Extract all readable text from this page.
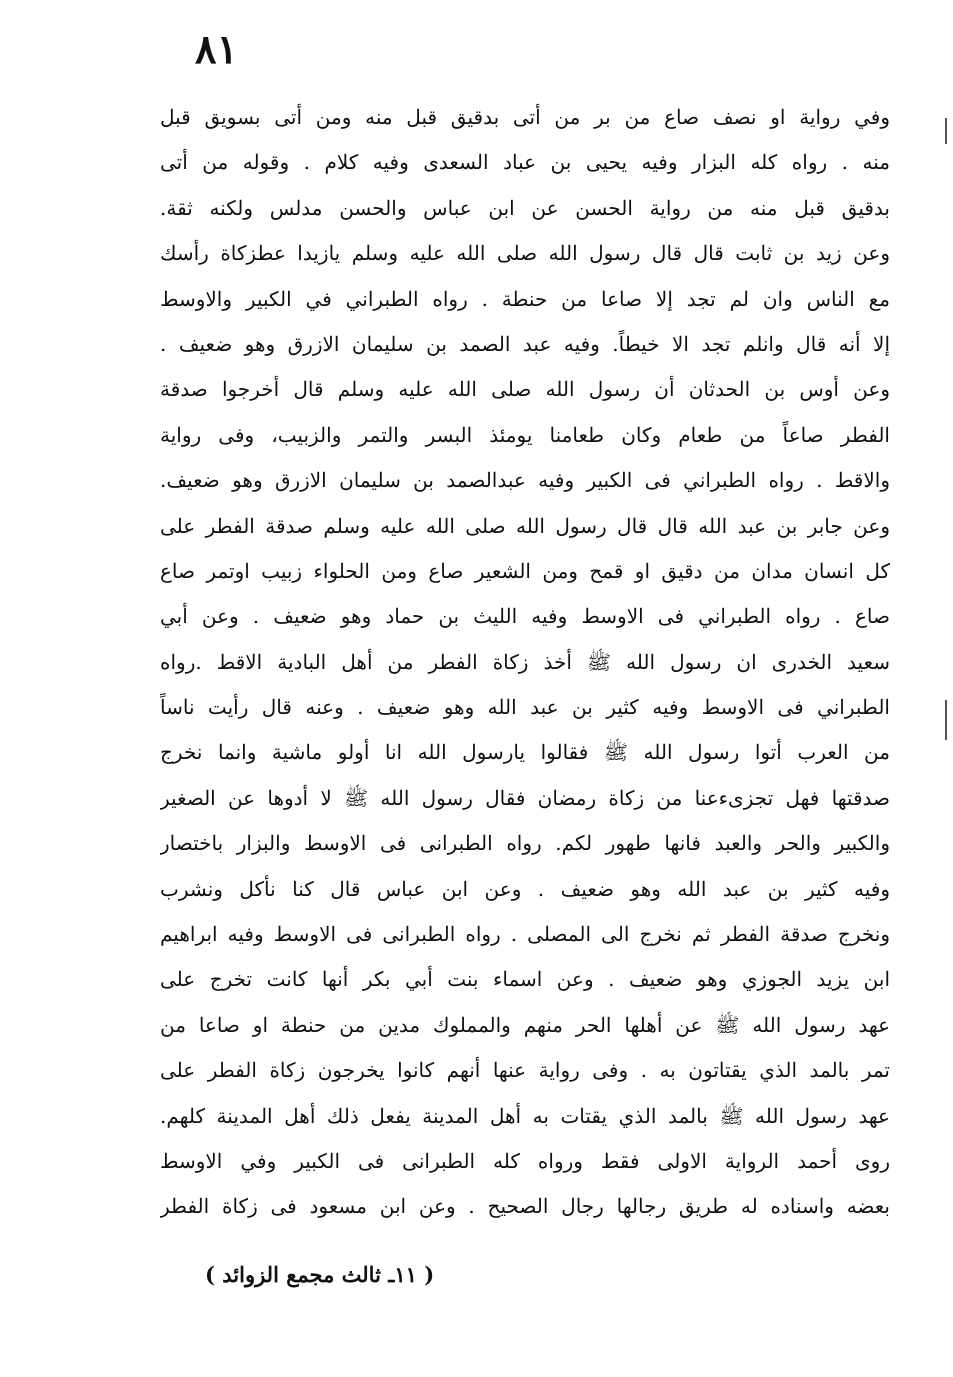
٨١
وفي رواية او نصف صاع من بر من أتى بدقيق قبل منه ومن أتى بسويق قبل
منه . رواه كله البزار وفيه يحيى بن عباد السعدى وفيه كلام . وقوله من أتى
بدقيق قبل منه من رواية الحسن عن ابن عباس والحسن مدلس ولكنه ثقة.
وعن زيد بن ثابت قال قال رسول الله صلى الله عليه وسلم يازيدا عطزكاة رأسك
مع الناس وان لم تجد إلا صاعا من حنطة . رواه الطبراني في الكبير والاوسط
إلا أنه قال وانلم تجد الا خيطاً. وفيه عبد الصمد بن سليمان الازرق وهو ضعيف .
وعن أوس بن الحدثان أن رسول الله صلى الله عليه وسلم قال أخرجوا صدقة
الفطر صاعاً من طعام وكان طعامنا يومئذ البسر والتمر والزبيب، وفى رواية
والاقط . رواه الطبراني فى الكبير وفيه عبدالصمد بن سليمان الازرق وهو ضعيف.
وعن جابر بن عبد الله قال قال رسول الله صلى الله عليه وسلم صدقة الفطر على
كل انسان مدان من دقيق او قمح ومن الشعير صاع ومن الحلواء زبيب اوتمر صاع
صاع . رواه الطبراني فى الاوسط وفيه الليث بن حماد وهو ضعيف . وعن أبي
سعيد الخدرى ان رسول الله ﷺ أخذ زكاة الفطر من أهل البادية الاقط .رواه
الطبراني فى الاوسط وفيه كثير بن عبد الله وهو ضعيف . وعنه قال رأيت ناساً
من العرب أتوا رسول الله ﷺ فقالوا يارسول الله انا أولو ماشية وانما نخرج
صدقتها فهل تجزىءعنا من زكاة رمضان فقال رسول الله ﷺ لا أدوها عن الصغير
والكبير والحر والعبد فانها طهور لكم. رواه الطبرانى فى الاوسط والبزار باختصار
وفيه كثير بن عبد الله وهو ضعيف . وعن ابن عباس قال كنا نأكل ونشرب
ونخرج صدقة الفطر ثم نخرج الى المصلى . رواه الطبرانى فى الاوسط وفيه ابراهيم
ابن يزيد الجوزي وهو ضعيف . وعن اسماء بنت أبي بكر أنها كانت تخرج على
عهد رسول الله ﷺ عن أهلها الحر منهم والمملوك مدين من حنطة او صاعا من
تمر بالمد الذي يقتاتون به . وفى رواية عنها أنهم كانوا يخرجون زكاة الفطر على
عهد رسول الله ﷺ بالمد الذي يقتات به أهل المدينة يفعل ذلك أهل المدينة كلهم.
روى أحمد الرواية الاولى فقط ورواه كله الطبرانى فى الكبير وفي الاوسط
بعضه واسناده له طريق رجالها رجال الصحيح . وعن ابن مسعود فى زكاة الفطر
( ١١ـ ثالث مجمع الزوائد )
